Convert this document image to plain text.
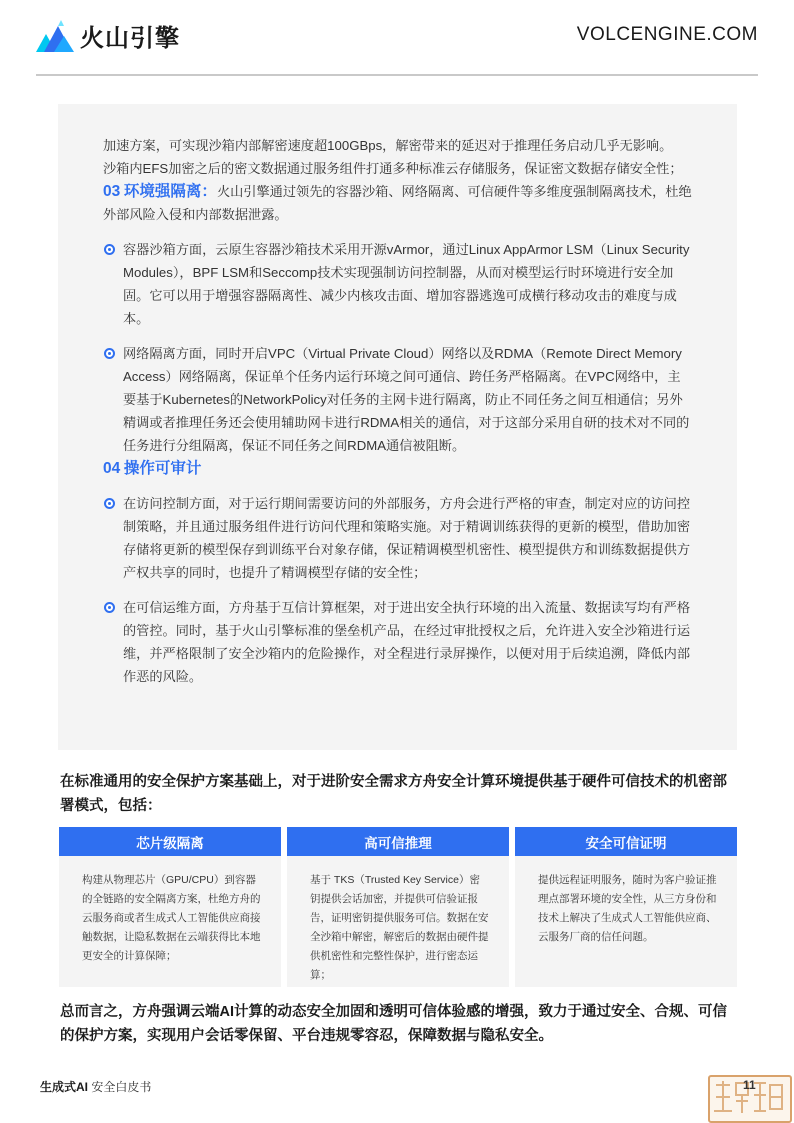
火山引擎	VOLCENGINE.COM

加速方案，可实现沙箱内部解密速度超100GBps，解密带来的延迟对于推理任务启动几乎无影响。

沙箱内EFS加密之后的密文数据通过服务组件打通多种标准云存储服务，保证密文数据存储安全性；

03 环境强隔离：火山引擎通过领先的容器沙箱、网络隔离、可信硬件等多维度强制隔离技术，杜绝外部风险入侵和内部数据泄露。

容器沙箱方面，云原生容器沙箱技术采用开源vArmor，通过Linux AppArmor LSM（Linux Security Modules），BPF LSM和Seccomp技术实现强制访问控制器，从而对模型运行时环境进行安全加固。它可以用于增强容器隔离性、减少内核攻击面、增加容器逃逸可成横行移动攻击的难度与成本。
网络隔离方面，同时开启VPC（Virtual Private Cloud）网络以及RDMA（Remote Direct Memory Access）网络隔离，保证单个任务内运行环境之间可通信、跨任务严格隔离。在VPC网络中，主要基于Kubernetes的NetworkPolicy对任务的主网卡进行隔离，防止不同任务之间互相通信；另外精调或者推理任务还会使用辅助网卡进行RDMA相关的通信，对于这部分采用自研的技术对不同的任务进行分组隔离，保证不同任务之间RDMA通信被阻断。

04 操作可审计

在访问控制方面，对于运行期间需要访问的外部服务，方舟会进行严格的审查，制定对应的访问控制策略，并且通过服务组件进行访问代理和策略实施。对于精调训练获得的更新的模型，借助加密存储将更新的模型保存到训练平台对象存储，保证精调模型机密性、模型提供方和训练数据提供方产权共享的同时，也提升了精调模型存储的安全性；
在可信运维方面，方舟基于互信计算框架，对于进出安全执行环境的出入流量、数据读写均有严格的管控。同时，基于火山引擎标准的堡垒机产品，在经过审批授权之后，允许进入安全沙箱进行运维，并严格限制了安全沙箱内的危险操作，对全程进行录屏操作，以便对用于后续追溯，降低内部作恶的风险。
在标准通用的安全保护方案基础上，对于进阶安全需求方舟安全计算环境提供基于硬件可信技术的机密部署模式，包括：
芯片级隔离
构建从物理芯片（GPU/CPU）到容器的全链路的安全隔离方案，杜绝方舟的云服务商或者生成式人工智能供应商接触数据，让隐私数据在云端获得比本地更安全的计算保障；
高可信推理
基于 TKS（Trusted Key Service）密钥提供会话加密，并提供可信验证报告，证明密钥提供服务可信。数据在安全沙箱中解密，解密后的数据由硬件提供机密性和完整性保护，进行密态运算；
安全可信证明
提供远程证明服务，随时为客户验证推理点部署环境的安全性，从三方身份和技术上解决了生成式人工智能供应商、云服务厂商的信任问题。
总而言之，方舟强调云端AI计算的动态安全加固和透明可信体验感的增强，致力于通过安全、合规、可信的保护方案，实现用户会话零保留、平台违规零容忍，保障数据与隐私安全。
生成式AI 安全白皮书	11
